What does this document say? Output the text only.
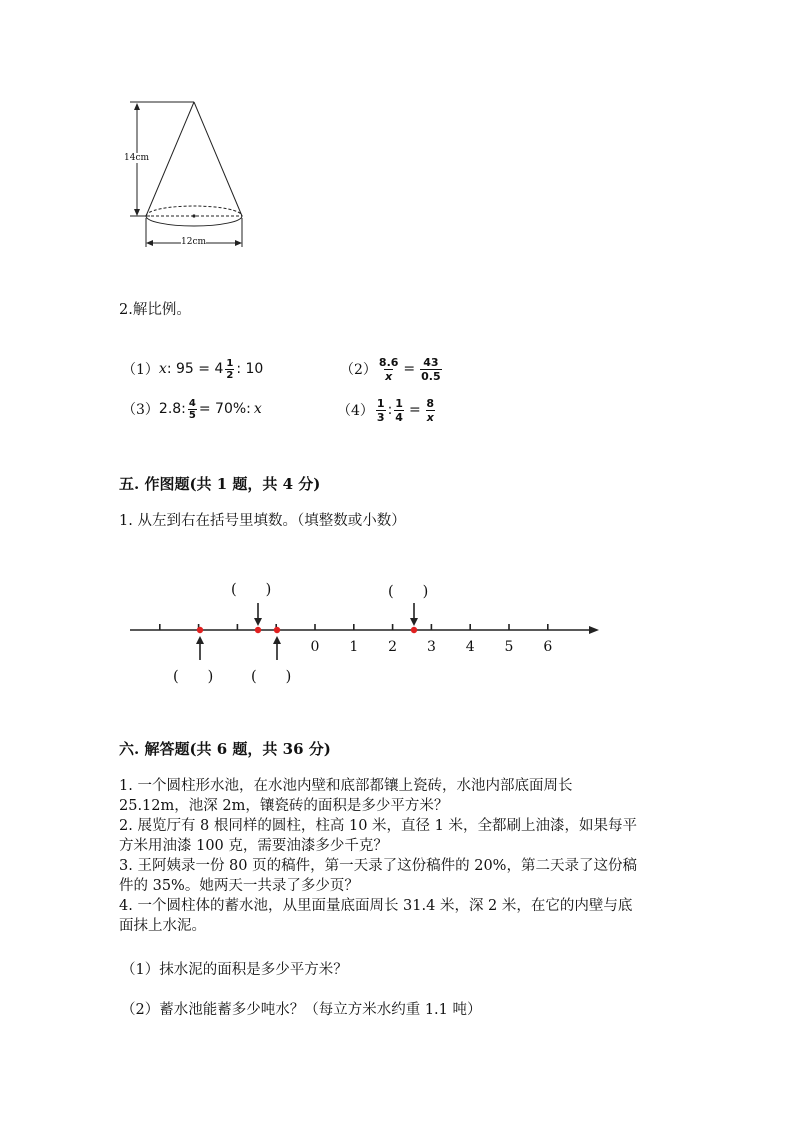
14cm
12cm
2.解比例。
（1） x : $95 = 4 \frac{1}{2}$ : 10	$(2) \frac{8.6}{x} = \frac{43}{0.5}$
（3） 2.8: $\frac{4}{5} = 70\%$: x	$(4) \frac{1}{3}$ : $\frac{1}{4} = \frac{8}{x}$
五. 作图题(共 1 题，共 4 分)
1. 从左到右在括号里填数。（填整数或小数）
0 1 2 3 4 5 6
(　　)	(　　)
(　　)	(　　)
六. 解答题(共 6 题，共 36 分)
1. 一个圆柱形水池，在水池内壁和底部都镶上瓷砖，水池内部底面周长
25.12m，池深 2m，镶瓷砖的面积是多少平方米？
2. 展览厅有 8 根同样的圆柱，柱高 10 米，直径 1 米，全都刷上油漆，如果每平
方米用油漆 100 克，需要油漆多少千克？
3. 王阿姨录一份 80 页的稿件，第一天录了这份稿件的 20%，第二天录了这份稿
件的 35%。她两天一共录了多少页？
4. 一个圆柱体的蓄水池，从里面量底面周长 31.4 米，深 2 米，在它的内壁与底
面抹上水泥。
（1）抹水泥的面积是多少平方米？
（2）蓄水池能蓄多少吨水？（每立方米水约重 1.1 吨）
